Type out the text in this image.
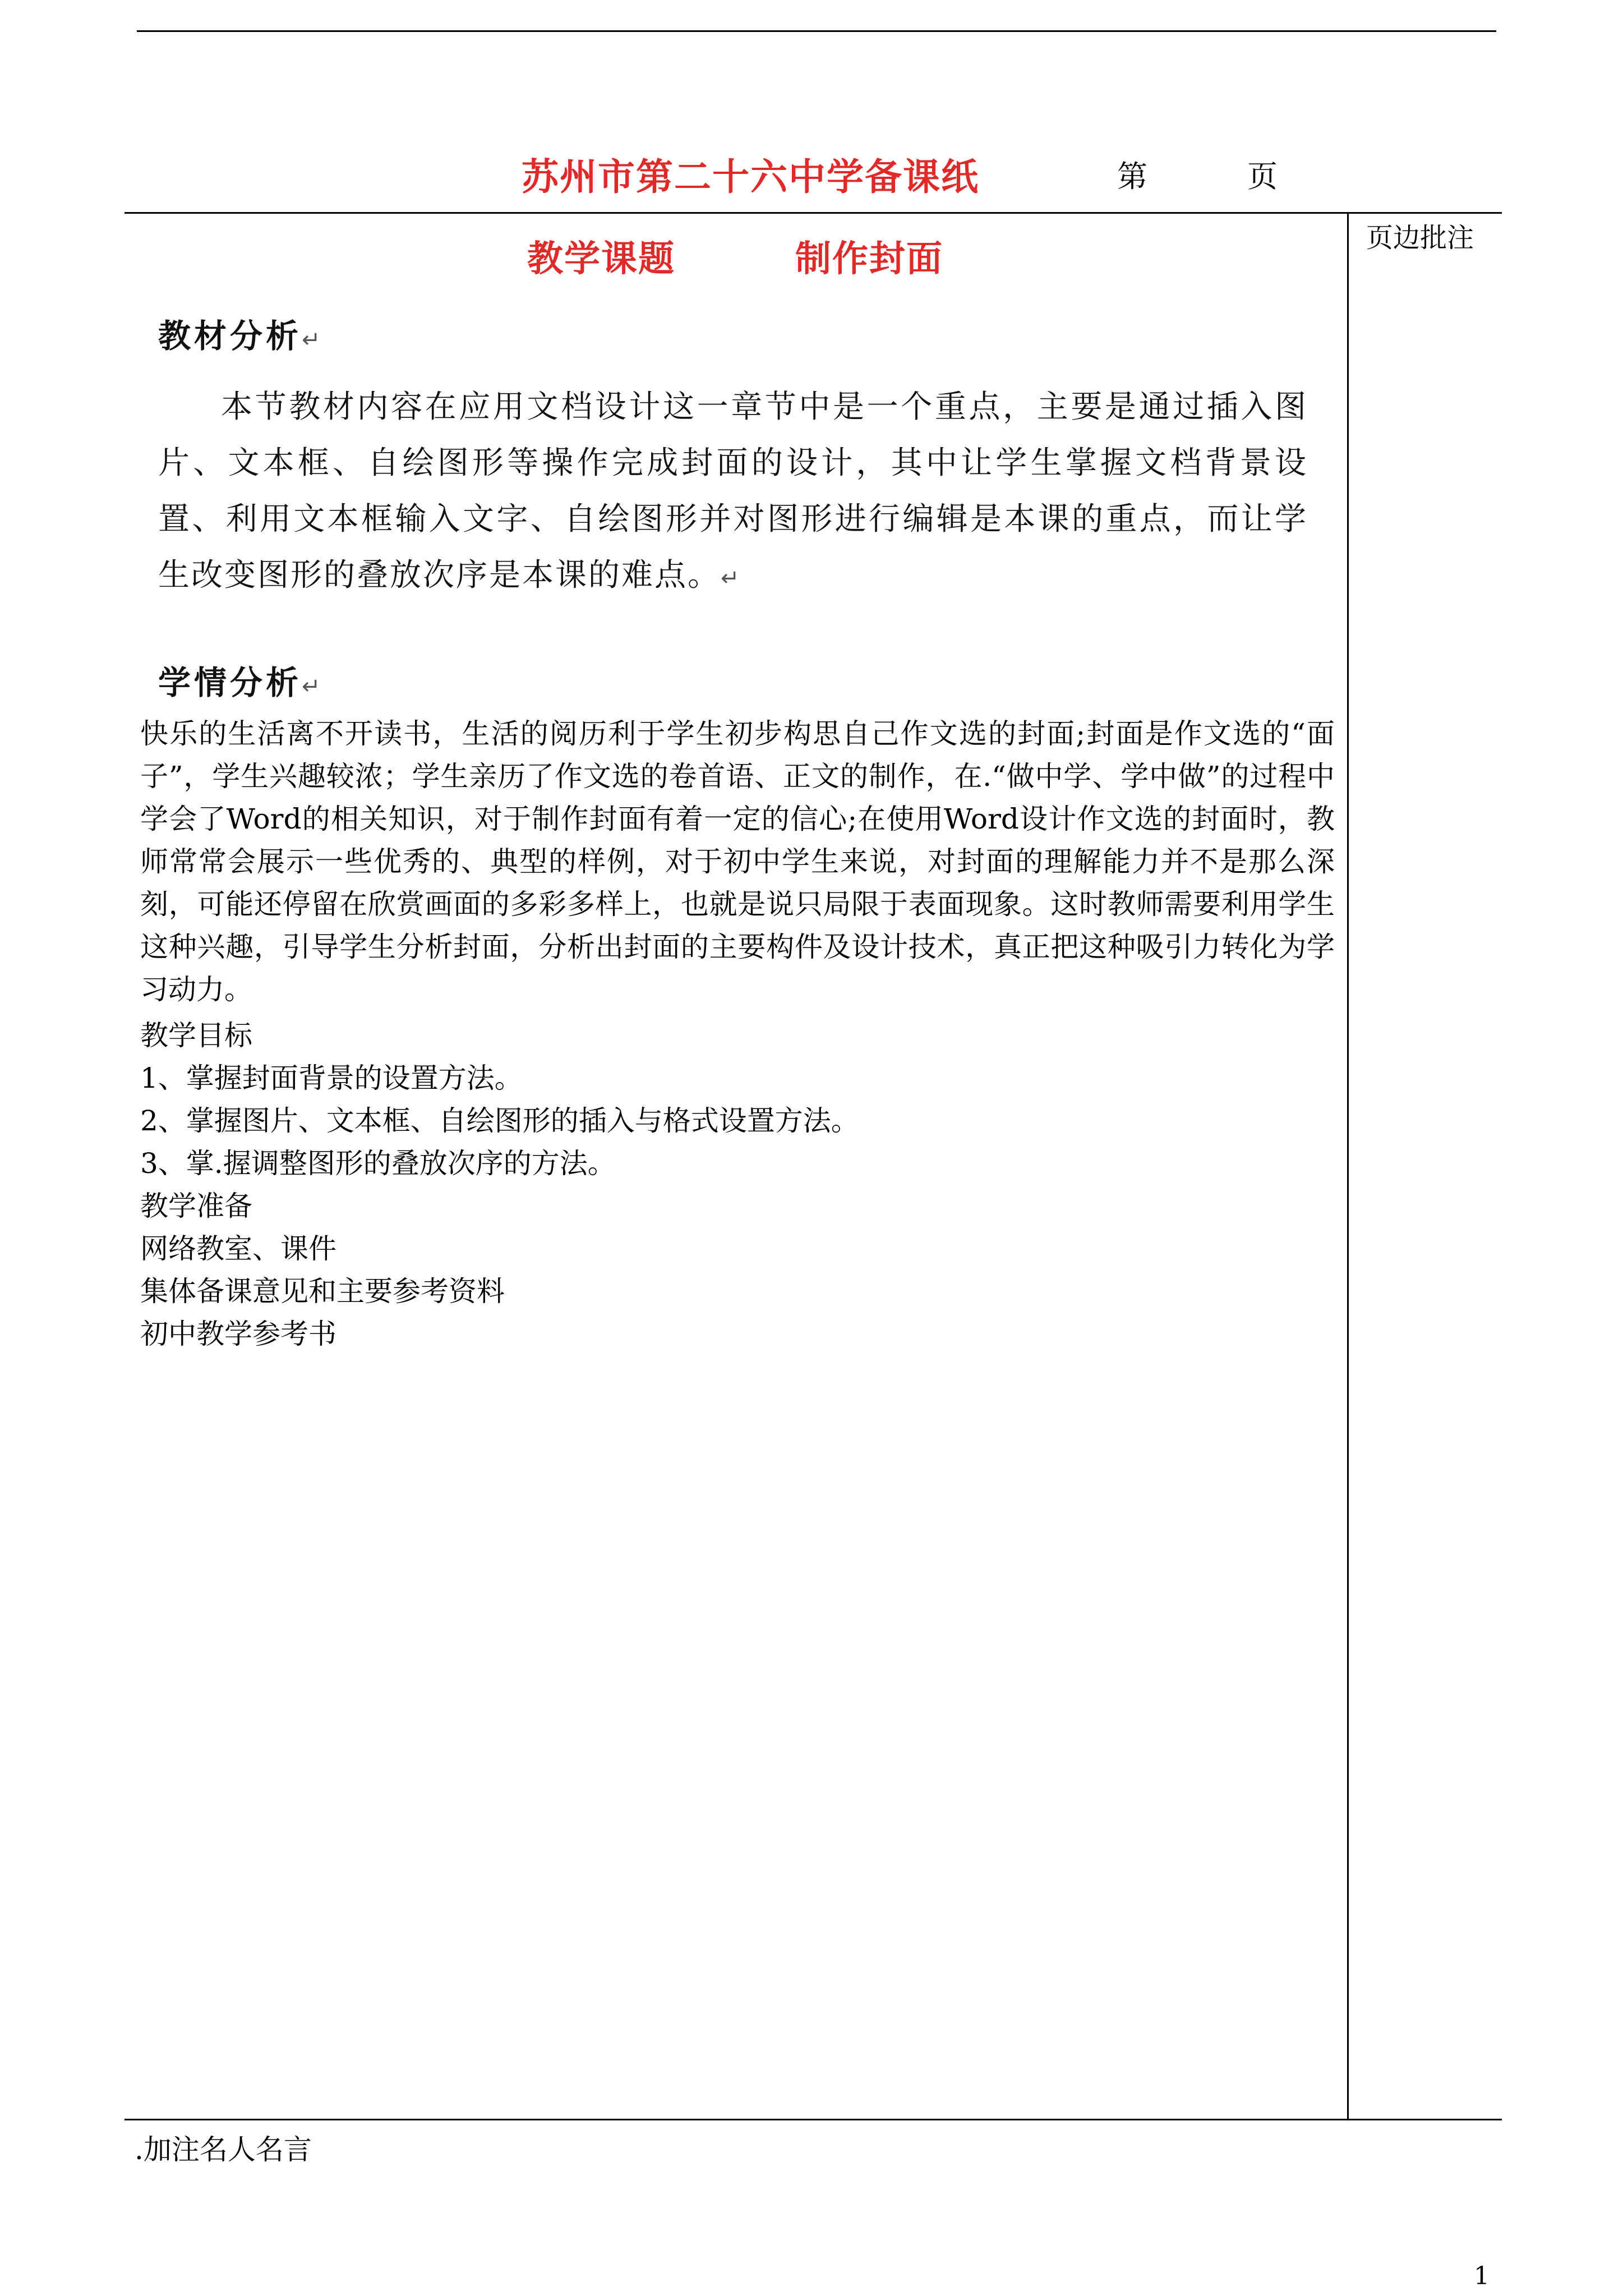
苏州市第二十六中学备课纸	第	页
页边批注
教学课题	制作封面
教材分析↵
本节教材内容在应用文档设计这一章节中是一个重点，主要是通过插入图片、文本框、自绘图形等操作完成封面的设计，其中让学生掌握文档背景设置、利用文本框输入文字、自绘图形并对图形进行编辑是本课的重点，而让学生改变图形的叠放次序是本课的难点。↵
学情分析↵
快乐的生活离不开读书，生活的阅历利于学生初步构思自己作文选的封面;封面是作文选的“面子”，学生兴趣较浓；学生亲历了作文选的卷首语、正文的制作，在.“做中学、学中做”的过程中学会了Word的相关知识，对于制作封面有着一定的信心;在使用Word设计作文选的封面时，教师常常会展示一些优秀的、典型的样例，对于初中学生来说，对封面的理解能力并不是那么深刻，可能还停留在欣赏画面的多彩多样上，也就是说只局限于表面现象。这时教师需要利用学生这种兴趣，引导学生分析封面，分析出封面的主要构件及设计技术，真正把这种吸引力转化为学习动力。
教学目标
1、掌握封面背景的设置方法。
2、掌握图片、文本框、自绘图形的插入与格式设置方法。
3、掌.握调整图形的叠放次序的方法。
教学准备
网络教室、课件
集体备课意见和主要参考资料
初中教学参考书
.加注名人名言
1
